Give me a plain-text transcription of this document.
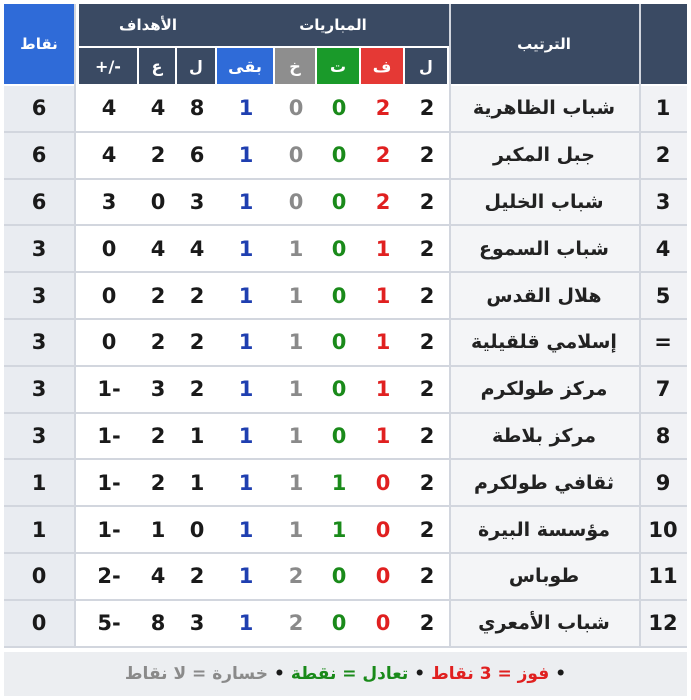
نقاط
الأهداف	المباريات
الترتيب
+/-	ع	ل	بقى	خ	ت	ف	ل
6	4	4	8	1	0	0	2	2	شباب الظاهرية	1
6	4	2	6	1	0	0	2	2	جبل المكبر	2
6	3	0	3	1	0	0	2	2	شباب الخليل	3
3	0	4	4	1	1	0	1	2	شباب السموع	4
3	0	2	2	1	1	0	1	2	هلال القدس	5
3	0	2	2	1	1	0	1	2	إسلامي قلقيلية	=
3	1-	3	2	1	1	0	1	2	مركز طولكرم	7
3	1-	2	1	1	1	0	1	2	مركز بلاطة	8
1	1-	2	1	1	1	1	0	2	ثقافي طولكرم	9
1	1-	1	0	1	1	1	0	2	مؤسسة البيرة	10
0	2-	4	2	1	2	0	0	2	طوباس	11
0	5-	8	3	1	2	0	0	2	شباب الأمعري	12
•
فوز = 3 نقاط
•
تعادل = نقطة
•
خسارة = لا نقاط
